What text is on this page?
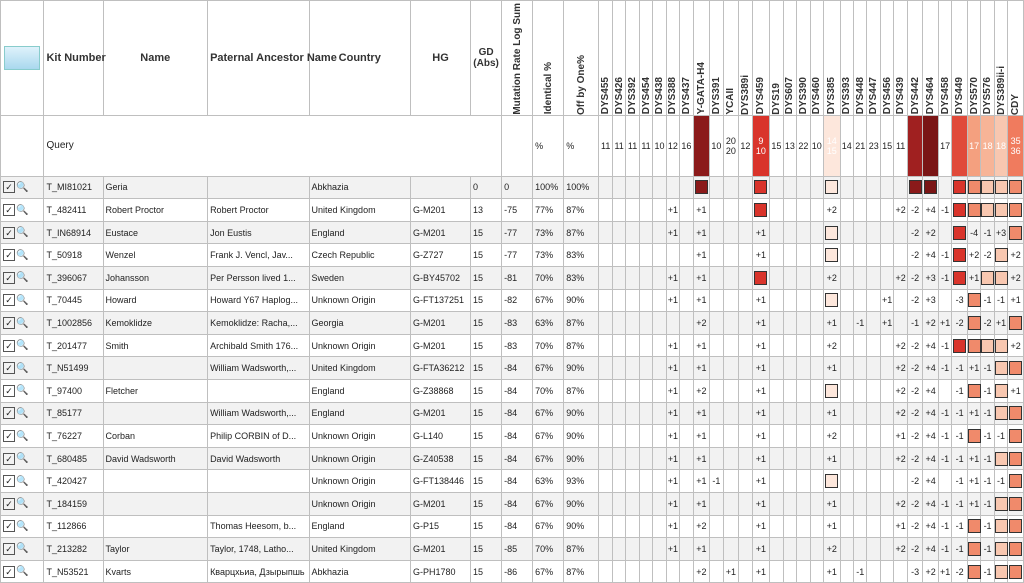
	Kit Number	Name	Paternal Ancestor Name	Country	HG	GD (Abs)	Mutation Rate Log Sum	Identical %	Off by One%	DYS455	DYS426	DYS392	DYS454	DYS438	DYS388	DYS437	Y-GATA-H4	DYS391	YCAII	DYS389i	DYS459	DYS19	DYS607	DYS390	DYS460	DYS385	DYS393	DYS448	DYS447	DYS456	DYS439	DYS442	DYS464	DYS458	DYS449	DYS570	DYS576	DYS389ii-i	CDY

	Query							%	%	11	11	11	11	10	12	16		10	20 20	12	9 10	15	13	22	10	14 15	14	21	23	15	11			17		17	18	18	35 36
✓ 🔍	T_MI81021	Geria		Abkhazia		0	0	100%	100%																														
✓ 🔍	T_482411	Robert Proctor	Robert Proctor	United Kingdom	G-M201	13	-75	77%	87%						+1		+1									+2					+2	-2	+4	-1					
✓ 🔍	T_IN68914	Eustace	Jon Eustis	England	G-M201	15	-77	73%	87%						+1		+1				+1											-2	+2			-4	-1	+3	
✓ 🔍	T_50918	Wenzel	Frank J. Vencl, Jav...	Czech Republic	G-Z727	15	-77	73%	83%								+1				+1											-2	+4	-1		+2	-2		+2
✓ 🔍	T_396067	Johansson	Per Persson lived 1...	Sweden	G-BY45702	15	-81	70%	83%						+1		+1									+2					+2	-2	+3	-1		+1			+2
✓ 🔍	T_70445	Howard	Howard Y67 Haplog...	Unknown Origin	G-FT137251	15	-82	67%	90%						+1		+1				+1									+1		-2	+3		-3		-1	-1	+1
✓ 🔍	T_1002856	Kemoklidze	Kemoklidze: Racha,...	Georgia	G-M201	15	-83	63%	87%								+2				+1					+1		-1		+1		-1	+2	+1	-2		-2	+1	
✓ 🔍	T_201477	Smith	Archibald Smith 176...	Unknown Origin	G-M201	15	-83	70%	87%						+1		+1				+1					+2					+2	-2	+4	-1					+2
✓ 🔍	T_N51499		William Wadsworth,...	United Kingdom	G-FTA36212	15	-84	67%	90%						+1		+1				+1					+1					+2	-2	+4	-1	-1	+1	-1		
✓ 🔍	T_97400	Fletcher		England	G-Z38868	15	-84	70%	87%						+1		+2				+1										+2	-2	+4		-1		-1		+1
✓ 🔍	T_85177		William Wadsworth,...	England	G-M201	15	-84	67%	90%						+1		+1				+1					+1					+2	-2	+4	-1	-1	+1	-1		
✓ 🔍	T_76227	Corban	Philip CORBIN of D...	Unknown Origin	G-L140	15	-84	67%	90%						+1		+1				+1					+2					+1	-2	+4	-1	-1		-1	-1	
✓ 🔍	T_680485	David Wadsworth	David Wadsworth	Unknown Origin	G-Z40538	15	-84	67%	90%						+1		+1				+1					+1					+2	-2	+4	-1	-1	+1	-1		
✓ 🔍	T_420427			Unknown Origin	G-FT138446	15	-84	63%	93%						+1		+1	-1			+1											-2	+4		-1	+1	-1	-1	
✓ 🔍	T_184159			Unknown Origin	G-M201	15	-84	67%	90%						+1		+1				+1					+1					+2	-2	+4	-1	-1	+1	-1		
✓ 🔍	T_112866		Thomas Heesom, b...	England	G-P15	15	-84	67%	90%						+1		+2				+1					+1					+1	-2	+4	-1	-1		-1		
✓ 🔍	T_213282	Taylor	Taylor, 1748, Latho...	United Kingdom	G-M201	15	-85	70%	87%						+1		+1				+1					+2					+2	-2	+4	-1	-1		-1		
✓ 🔍	T_N53521	Kvarts	Кварцхьиа, Дзырыпшь	Abkhazia	G-PH1780	15	-86	67%	87%								+2		+1		+1					+1		-1				-3	+2	+1	-2		-1		
